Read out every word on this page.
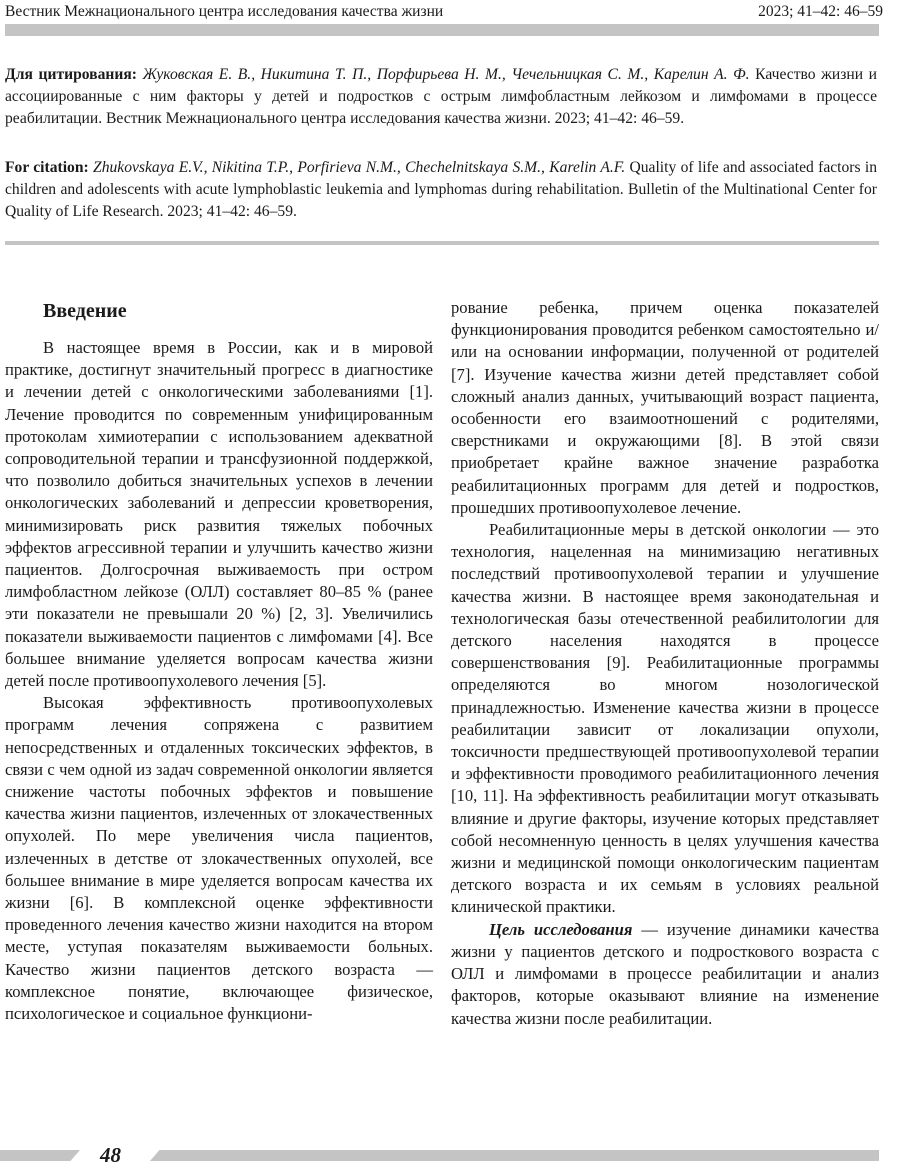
Вестник Межнационального центра исследования качества жизни	2023; 41–42: 46–59
Для цитирования: Жуковская Е. В., Никитина Т. П., Порфирьева Н. М., Чечельницкая С. М., Карелин А. Ф. Качество жизни и ассоциированные с ним факторы у детей и подростков с острым лимфобластным лейкозом и лимфомами в процессе реабилитации. Вестник Межнационального центра исследования качества жизни. 2023; 41–42: 46–59.
For citation: Zhukovskaya E.V., Nikitina T.P., Porfirieva N.M., Chechelnitskaya S.M., Karelin A.F. Quality of life and associated factors in children and adolescents with acute lymphoblastic leukemia and lymphomas during rehabilitation. Bulletin of the Multinational Center for Quality of Life Research. 2023; 41–42: 46–59.
Введение

В настоящее время в России, как и в мировой практике, достигнут значительный прогресс в диагностике и лечении детей с онкологическими заболеваниями [1]. Лечение проводится по современным унифицированным протоколам химиотерапии с использованием адекватной сопроводительной терапии и трансфузионной поддержкой, что позволило добиться значительных успехов в лечении онкологических заболеваний и депрессии кроветворения, минимизировать риск развития тяжелых побочных эффектов агрессивной терапии и улучшить качество жизни пациентов. Долгосрочная выживаемость при остром лимфобластном лейкозе (ОЛЛ) составляет 80–85 % (ранее эти показатели не превышали 20 %) [2, 3]. Увеличились показатели выживаемости пациентов с лимфомами [4]. Все большее внимание уделяется вопросам качества жизни детей после противоопухолевого лечения [5].

Высокая эффективность противоопухолевых программ лечения сопряжена с развитием непосредственных и отдаленных токсических эффектов, в связи с чем одной из задач современной онкологии является снижение частоты побочных эффектов и повышение качества жизни пациентов, излеченных от злокачественных опухолей. По мере увеличения числа пациентов, излеченных в детстве от злокачественных опухолей, все большее внимание в мире уделяется вопросам качества их жизни [6]. В комплексной оценке эффективности проведенного лечения качество жизни находится на втором месте, уступая показателям выживаемости больных. Качество жизни пациентов детского возраста — комплексное понятие, включающее физическое, психологическое и социальное функциони-

рование ребенка, причем оценка показателей функционирования проводится ребенком самостоятельно и/или на основании информации, полученной от родителей [7]. Изучение качества жизни детей представляет собой сложный анализ данных, учитывающий возраст пациента, особенности его взаимоотношений с родителями, сверстниками и окружающими [8]. В этой связи приобретает крайне важное значение разработка реабилитационных программ для детей и подростков, прошедших противоопухолевое лечение.

Реабилитационные меры в детской онкологии — это технология, нацеленная на минимизацию негативных последствий противоопухолевой терапии и улучшение качества жизни. В настоящее время законодательная и технологическая базы отечественной реабилитологии для детского населения находятся в процессе совершенствования [9]. Реабилитационные программы определяются во многом нозологической принадлежностью. Изменение качества жизни в процессе реабилитации зависит от локализации опухоли, токсичности предшествующей противоопухолевой терапии и эффективности проводимого реабилитационного лечения [10, 11]. На эффективность реабилитации могут отказывать влияние и другие факторы, изучение которых представляет собой несомненную ценность в целях улучшения качества жизни и медицинской помощи онкологическим пациентам детского возраста и их семьям в условиях реальной клинической практики.

Цель исследования — изучение динамики качества жизни у пациентов детского и подросткового возраста с ОЛЛ и лимфомами в процессе реабилитации и анализ факторов, которые оказывают влияние на изменение качества жизни после реабилитации.

48
